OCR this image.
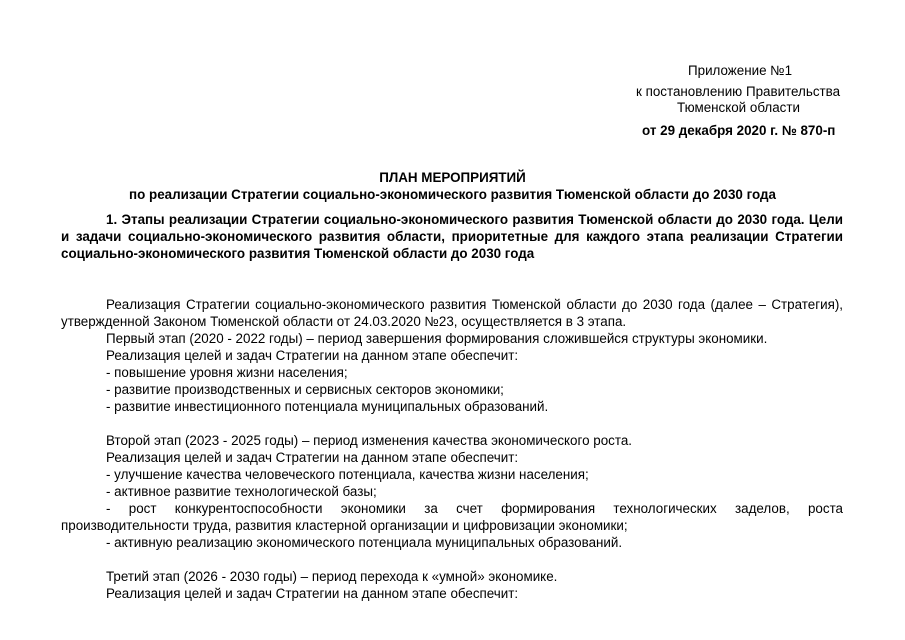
Приложение №1
к постановлению Правительства
Тюменской области
от 29 декабря 2020 г. № 870-п
ПЛАН МЕРОПРИЯТИЙ
по реализации Стратегии социально-экономического развития Тюменской области до 2030 года
1. Этапы реализации Стратегии социально-экономического развития Тюменской области до 2030 года. Цели и задачи социально-экономического развития области, приоритетные для каждого этапа реализации Стратегии социально-экономического развития Тюменской области до 2030 года

Реализация Стратегии социально-экономического развития Тюменской области до 2030 года (далее – Стратегия), утвержденной Законом Тюменской области от 24.03.2020 №23, осуществляется в 3 этапа.

Первый этап (2020 - 2022 годы) – период завершения формирования сложившейся структуры экономики.

Реализация целей и задач Стратегии на данном этапе обеспечит:

- повышение уровня жизни населения;

- развитие производственных и сервисных секторов экономики;

- развитие инвестиционного потенциала муниципальных образований.

Второй этап (2023 - 2025 годы) – период изменения качества экономического роста.

Реализация целей и задач Стратегии на данном этапе обеспечит:

- улучшение качества человеческого потенциала, качества жизни населения;

- активное развитие технологической базы;

- рост конкурентоспособности экономики за счет формирования технологических заделов, роста производительности труда, развития кластерной организации и цифровизации экономики;

- активную реализацию экономического потенциала муниципальных образований.

Третий этап (2026 - 2030 годы) – период перехода к «умной» экономике.

Реализация целей и задач Стратегии на данном этапе обеспечит:
